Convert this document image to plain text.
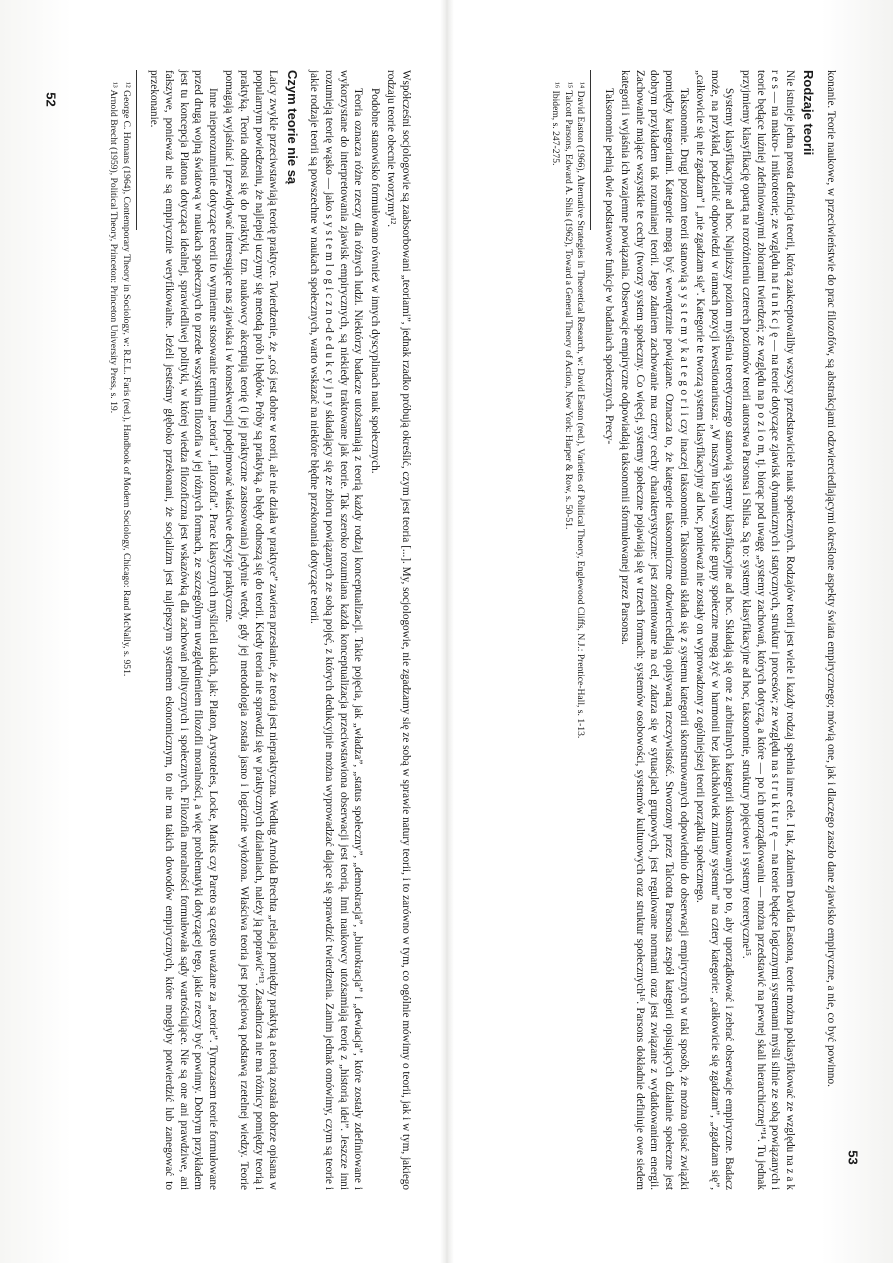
Współcześni socjologowie są zaabsorbowani „teoriami”, jednak rzadko próbują określić, czym jest teoria [...]. My, socjologowie, nie zgadzamy się ze sobą w sprawie natury teorii, i to zarówno w tym, co ogólnie mówimy o teorii, jak i w tym, jakiego rodzaju teorie obecnie tworzymy¹².

Podobne stanowisko formułowano również w innych dyscyplinach nauk społecznych.

Teoria oznacza różne rzeczy dla różnych ludzi. Niektórzy badacze utożsamiają z teorią każdy rodzaj konceptualizacji. Takie pojęcia, jak „władza”, „status społeczny”, „demokracja”, „biurokracja” i „dewiacja”, które zostały zdefiniowane i wykorzystane do interpretowania zjawisk empirycznych, są niekiedy traktowane jak teorie. Tak szeroko rozumiana każda konceptualizacja przeciwstawiona obserwacji jest teorią. Inni naukowcy utożsamiają teorię z „historią idei”. Jeszcze inni rozumieją teorię wąsko — jako s y s t e m l o g i c z n o-d e d u k c y j n y składający się ze zbioru powiązanych ze sobą pojęć, z których dedukcyjnie można wyprowadzać dające się sprawdzić twierdzenia. Zanim jednak omówimy, czym są teorie i jakie rodzaje teorii są powszechne w naukach społecznych, warto wskazać na niektóre błędne przekonania dotyczące teorii.

Czym teorie nie są

Laicy zwykle przeciwstawiają teorię praktyce. Twierdzenie, że „coś jest dobre w teorii, ale nie działa w praktyce” zawiera przesłanie, że teoria jest niepraktyczna. Według Arnolda Brechta „relacja pomiędzy praktyką a teorią została dobrze opisana w popularnym powiedzeniu, że najlepiej uczymy się metodą prób i błędów. Próby są praktyką, a błędy odnoszą się do teorii. Kiedy teoria nie sprawdzi się w praktycznych działaniach, należy ją poprawić”¹³. Zasadnicza nie ma różnicy pomiędzy teorią i praktyką. Teoria odnosi się do praktyki, tzn. naukowcy akceptują teorię (i jej praktyczne zastosowania) jedynie wtedy, gdy jej metodologia została jasno i logicznie wyłożona. Właściwa teoria jest pojęciową podstawą rzetelnej wiedzy. Teorie pomagają wyjaśniać i przewidywać interesujące nas zjawiska i w konsekwencji podejmować właściwe decyzje praktyczne.

Inne nieporozumienie dotyczące teorii to wymienne stosowanie terminu „teoria” i „filozofia”. Prace klasycznych myślicieli takich, jak: Platon, Arystoteles, Locke, Marks czy Pareto są często uważane za „teorie”. Tymczasem teorie formułowane przed drugą wojną światową w naukach społecznych to przede wszystkim filozofia w jej różnych formach, ze szczególnym uwzględnieniem filozofii moralności, a więc problematyki dotyczącej tego, jakie rzeczy być powinny. Dobrym przykładem jest tu koncepcja Platona dotycząca idealnej, sprawiedliwej polityki, w której wiedza filozoficzna jest wskazówką dla zachowań politycznych i społecznych. Filozofia moralności formułowała sądy wartościujące. Nie są one ani prawdziwe, ani fałszywe, ponieważ nie są empirycznie weryfikowalne. Jeżeli jesteśmy głęboko przekonani, że socjalizm jest najlepszym systemem ekonomicznym, to nie ma takich dowodów empirycznych, które mogłyby potwierdzić lub zanegować to przekonanie.

¹² George C. Homans (1964), Contemporary Theory in Sociology, w: R.E.L. Faris (red.), Handbook of Modern Sociology, Chicago: Rand McNally, s. 951.

¹³ Arnold Brecht (1959), Political Theory, Princeton: Princeton University Press, s. 19.

52	konanie. Teorie naukowe, w przeciwieństwie do prac filozofów, są abstrakcjami odzwierciedlającymi określone aspekty świata empirycznego; mówią one, jak i dlaczego zaszło dane zjawisko empiryczne, a nie, co być powinno.

Rodzaje teorii

Nie istnieje jedna prosta definicja teorii, którą zaakceptowaliby wszyscy przedstawiciele nauk społecznych. Rodzajów teorii jest wiele i każdy rodzaj spełnia inne cele. I tak, zdaniem Davida Eastona, teorie można poklasyfikować ze względu na z a k r e s — na makro- i mikroteorie; ze względu na f u n k c j ę — na teorie dotyczące zjawisk dynamicznych i statycznych, struktur i procesów; ze względu na s t r u k t u r ę — na teorie będące logicznymi systemami myśli silnie ze sobą powiązanych i teorie będące luźniej zdefiniowanymi zbiorami twierdzeń; ze względu na p o z i o m, tj. biorąc pod uwagę „systemy zachowań, których dotyczą, a które — po ich uporządkowaniu — można przedstawić na pewnej skali hierarchicznej”¹⁴. Tu jednak przyjmiemy klasyfikację opartą na rozróżnieniu czterech poziomów teorii autorstwa Parsonsa i Shilsa. Są to: systemy klasyfikacyjne ad hoc, taksonomie, struktury pojęciowe i systemy teoretyczne¹⁵.

Systemy klasyfikacyjne ad hoc. Najniższy poziom myślenia teoretycznego stanowią systemy klasyfikacyjne ad hoc. Składają się one z arbitralnych kategorii skonstruowanych po to, aby uporządkować i zebrać obserwacje empiryczne. Badacz może, na przykład, podzielić odpowiedzi w ramach pozycji kwestionariusza: „W naszym kraju wszystkie grupy społeczne mogą żyć w harmonii bez jakichkolwiek zmiany systemu” na cztery kategorie: „całkowicie się zgadzam”, „zgadzam się”, „całkowicie się nie zgadzam” i „nie zgadzam się”. Kategorie te tworzą system klasyfikacyjny ad hoc, ponieważ nie zostały on wyprowadzony z ogólniejszej teorii porządku społecznego.

Taksonomie. Drugi poziom teorii stanowią s y s t e m y k a t e g o r i i czy inaczej taksonomie. Taksonomia składa się z systemu kategorii skonstruowanych odpowiednio do obserwacji empirycznych w taki sposób, że można opisać związki pomiędzy kategoriami. Kategorie mogą być wewnętrznie powiązane. Oznacza to, że kategorie taksonomiczne odzwierciedlają opisywaną rzeczywistość. Stworzony przez Talcotta Parsonsa zespół kategorii opisujących działanie społeczne jest dobrym przykładem tak rozumianej teorii. Jego zdaniem zachowanie ma cztery cechy charakterystyczne: jest zorientowane na cel, zdarza się w sytuacjach grupowych, jest regulowane normami oraz jest związane z wydatkowaniem energii. Zachowanie mające wszystkie te cechy (tworzy system społeczny. Co więcej, systemy społeczne pojawiają się w trzech formach: systemów osobowości, systemów kulturowych oraz struktur społecznych¹⁶. Parsons dokładnie definiuje owe siedem kategorii i wyjaśnia ich wzajemne powiązania. Obserwacje empiryczne odpowiadają taksonomii sformułowanej przez Parsonsa.

Taksonomie pełnią dwie podstawowe funkcje w badaniach społecznych. Precy-

¹⁴ David Easton (1966), Alternative Strategies in Theoretical Research, w: David Easton (red.), Varieties of Political Theory, Englewood Cliffs, N.J.: Prentice-Hall, s. 1-13.

¹⁵ Talcott Parsons, Edward A. Shils (1962), Toward a General Theory of Action, New York: Harper & Row, s. 50-51.

¹⁶ Ibidem, s. 247-275.

53
